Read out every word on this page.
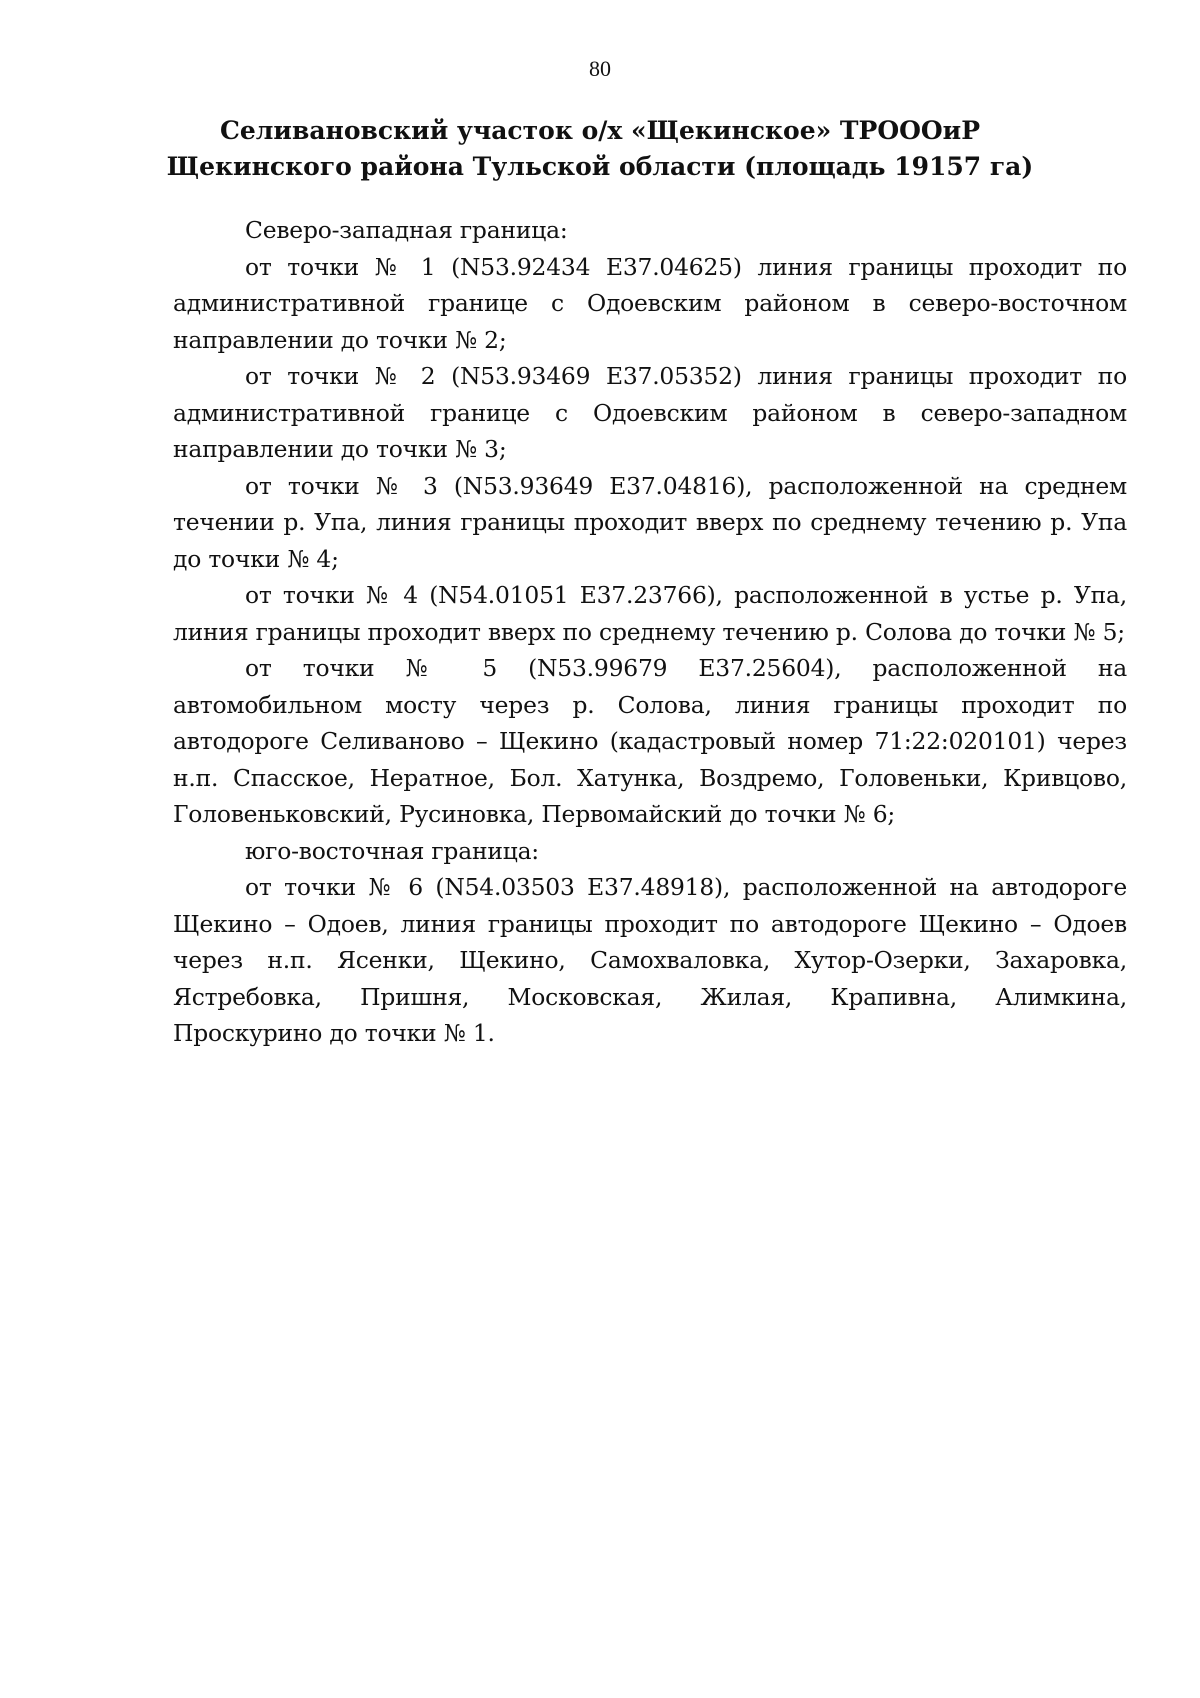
80
Селивановский участок о/х «Щекинское» ТРОООиР
Щекинского района Тульской области (площадь 19157 га)

Северо-западная граница:

от точки № 1 (N53.92434 E37.04625) линия границы проходит по административной границе с Одоевским районом в северо-восточном направлении до точки № 2;

от точки № 2 (N53.93469 E37.05352) линия границы проходит по административной границе с Одоевским районом в северо-западном направлении до точки № 3;

от точки № 3 (N53.93649 E37.04816), расположенной на среднем течении р. Упа, линия границы проходит вверх по среднему течению р. Упа до точки № 4;

от точки № 4 (N54.01051 E37.23766), расположенной в устье р. Упа, линия границы проходит вверх по среднему течению р. Солова до точки № 5;

от точки № 5 (N53.99679 E37.25604), расположенной на автомобильном мосту через р. Солова, линия границы проходит по автодороге Селиваново – Щекино (кадастровый номер 71:22:020101) через н.п. Спасское, Нератное, Бол. Хатунка, Воздремо, Головеньки, Кривцово, Головеньковский, Русиновка, Первомайский до точки № 6;

юго-восточная граница:

от точки № 6 (N54.03503 E37.48918), расположенной на автодороге Щекино – Одоев, линия границы проходит по автодороге Щекино – Одоев через н.п. Ясенки, Щекино, Самохваловка, Хутор-Озерки, Захаровка, Ястребовка, Пришня, Московская, Жилая, Крапивна, Алимкина, Проскурино до точки № 1.
